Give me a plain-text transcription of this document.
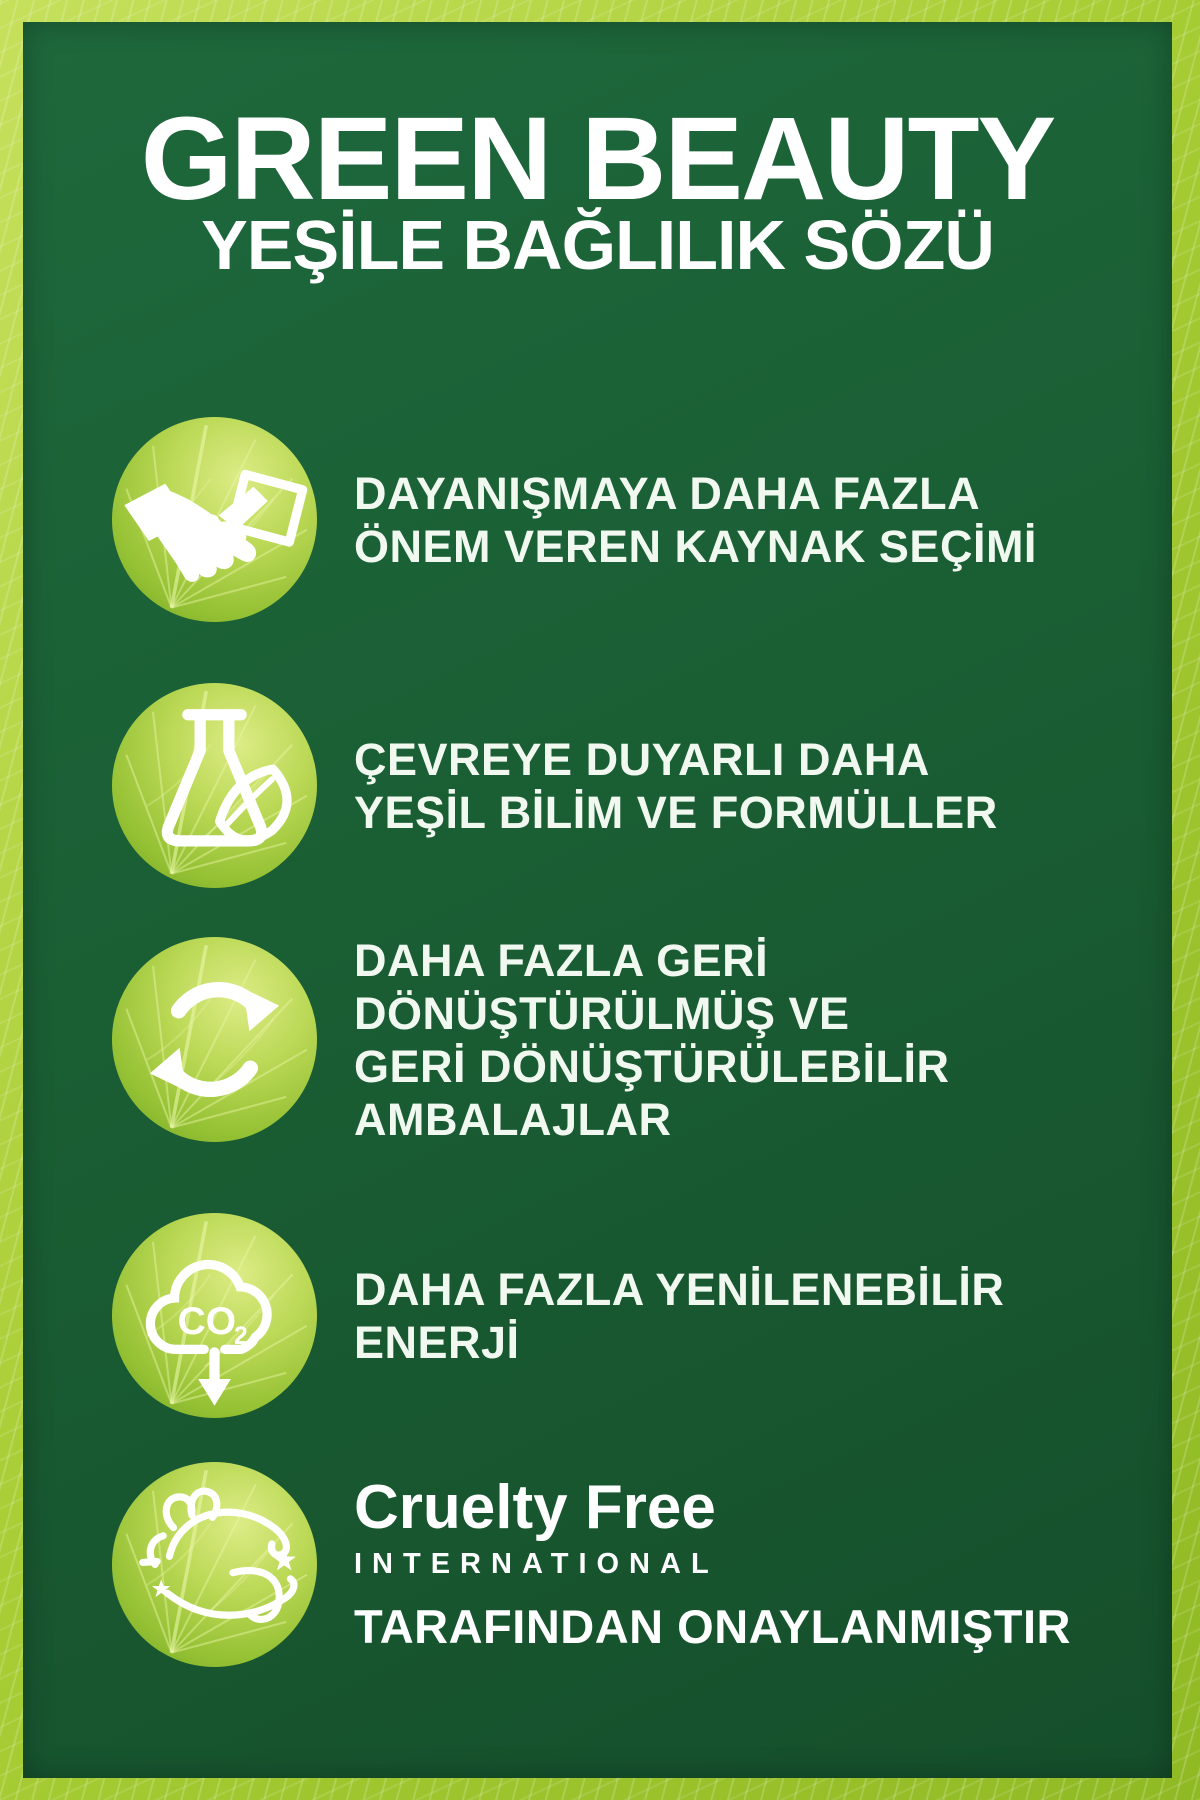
GREEN BEAUTY
YEŞİLE BAĞLILIK SÖZÜ
DAYANIŞMAYA DAHA FAZLA
ÖNEM VEREN KAYNAK SEÇİMİ
ÇEVREYE DUYARLI DAHA
YEŞİL BİLİM VE FORMÜLLER
DAHA FAZLA GERİ
DÖNÜŞTÜRÜLMÜŞ VE
GERİ DÖNÜŞTÜRÜLEBİLİR
AMBALAJLAR
CO
2
DAHA FAZLA YENİLENEBİLİR
ENERJİ
Cruelty Free
INTERNATIONAL
TARAFINDAN ONAYLANMIŞTIR
